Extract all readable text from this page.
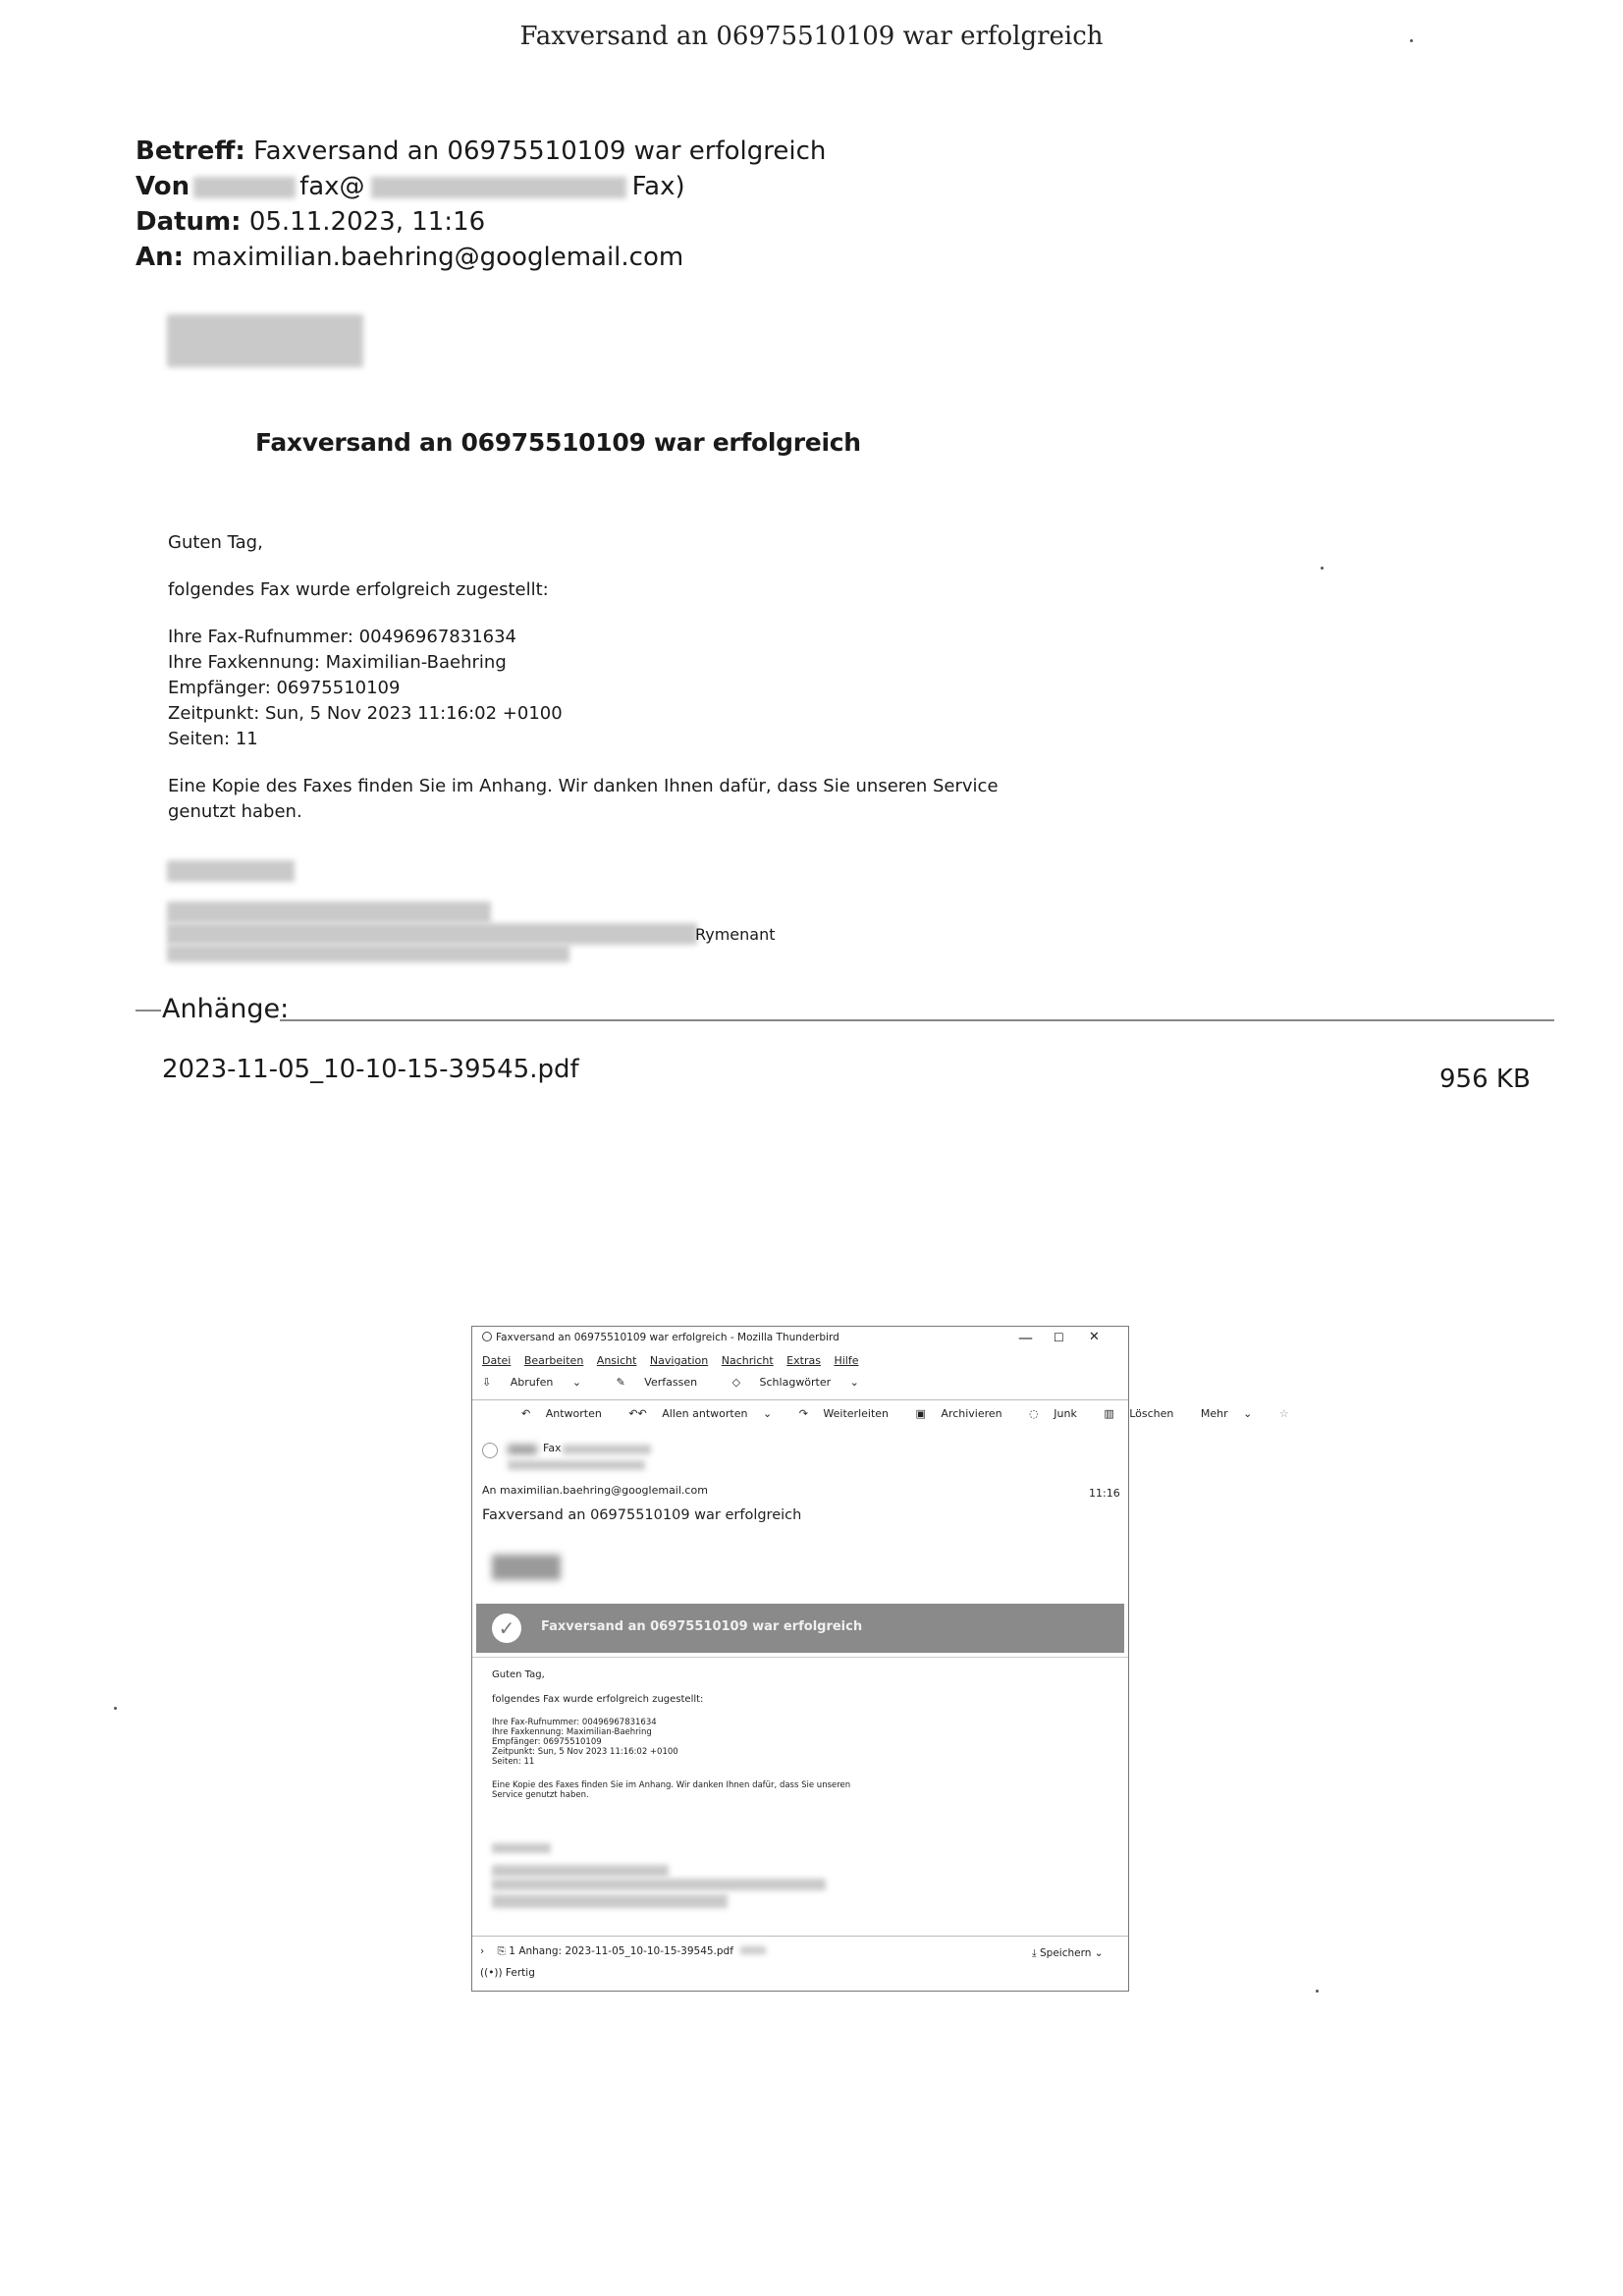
Faxversand an 06975510109 war erfolgreich
Betreff: Faxversand an 06975510109 war erfolgreich
Von	fax@	Fax)
Datum: 05.11.2023, 11:16
An: maximilian.baehring@googlemail.com
Faxversand an 06975510109 war erfolgreich

Guten Tag,

folgendes Fax wurde erfolgreich zugestellt:

Ihre Fax-Rufnummer: 00496967831634
Ihre Faxkennung: Maximilian-Baehring
Empfänger: 06975510109
Zeitpunkt: Sun, 5 Nov 2023 11:16:02 +0100
Seiten: 11

Eine Kopie des Faxes finden Sie im Anhang. Wir danken Ihnen dafür, dass Sie unseren Service genutzt haben.

Rymenant
Anhänge:
2023-11-05_10-10-15-39545.pdf	956 KB
Faxversand an 06975510109 war erfolgreich - Mozilla Thunderbird	— ☐ ✕
Datei Bearbeiten Ansicht Navigation Nachricht Extras Hilfe
⇩ Abrufen ⌄	✎ Verfassen	◇ Schlagwörter ⌄
↶ Antworten	↶↶ Allen antworten ⌄	↷ Weiterleiten	▣ Archivieren	◌ Junk	▥ Löschen	Mehr ⌄	☆
Fax
An maximilian.baehring@googlemail.com	11:16
Faxversand an 06975510109 war erfolgreich
✓	Faxversand an 06975510109 war erfolgreich

Guten Tag,

folgendes Fax wurde erfolgreich zugestellt:

Ihre Fax-Rufnummer: 00496967831634
Ihre Faxkennung: Maximilian-Baehring
Empfänger: 06975510109
Zeitpunkt: Sun, 5 Nov 2023 11:16:02 +0100
Seiten: 11
Eine Kopie des Faxes finden Sie im Anhang. Wir danken Ihnen dafür, dass Sie unseren
Service genutzt haben.
› ⎘ 1 Anhang: 2023-11-05_10-10-15-39545.pdf	⤓ Speichern ⌄
((•)) Fertig
